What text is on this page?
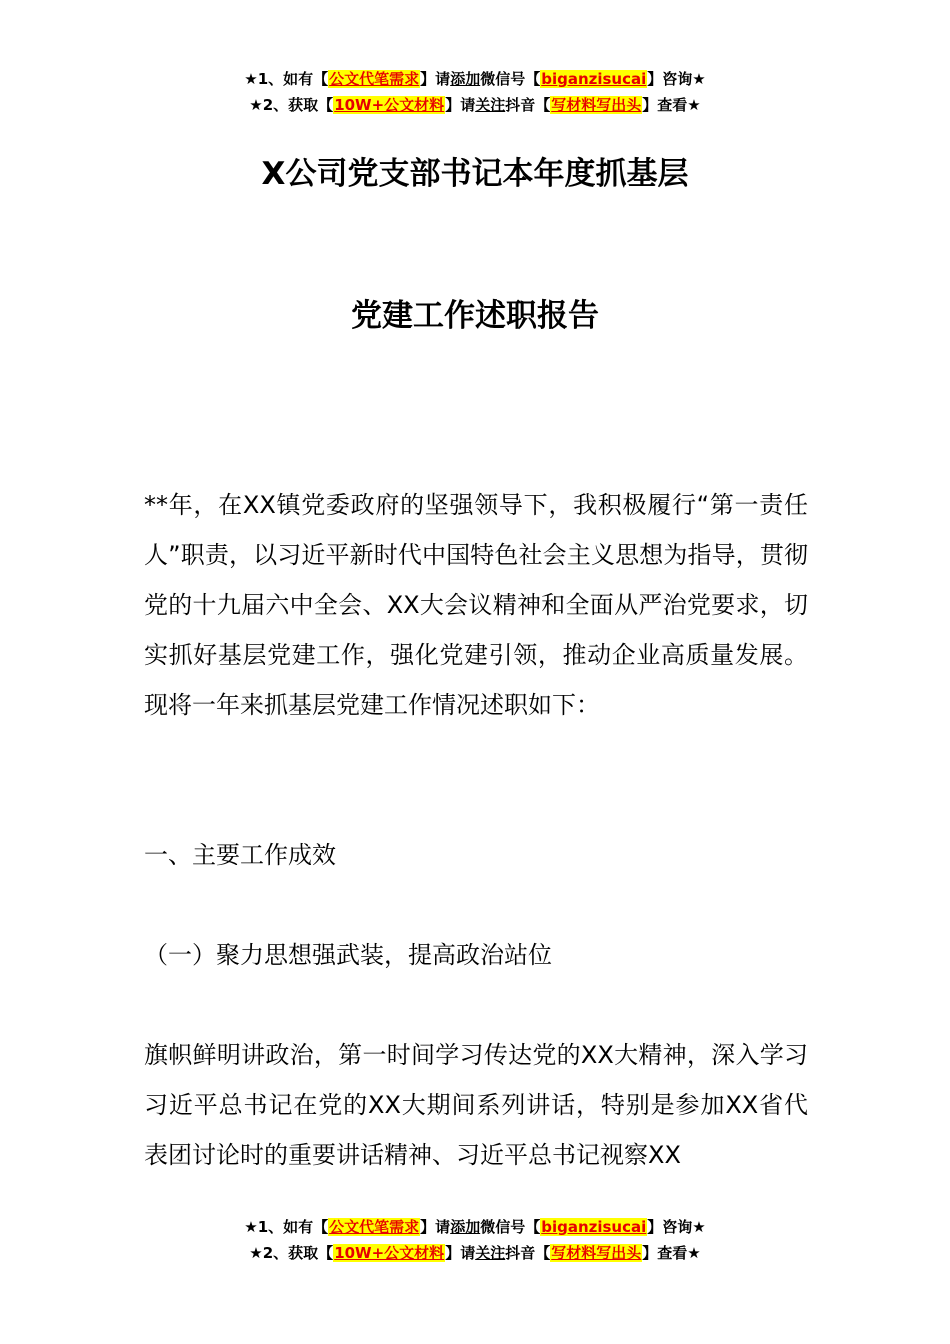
★1、如有【公文代笔需求】请添加微信号【biganzisucai】咨询★
★2、获取【10W+公文材料】请关注抖音【写材料写出头】查看★
X公司党支部书记本年度抓基层
党建工作述职报告
**年，在XX镇党委政府的坚强领导下，我积极履行“第一责任人”职责，以习近平新时代中国特色社会主义思想为指导，贯彻党的十九届六中全会、XX大会议精神和全面从严治党要求，切实抓好基层党建工作，强化党建引领，推动企业高质量发展。现将一年来抓基层党建工作情况述职如下：
一、主要工作成效
（一）聚力思想强武装，提高政治站位
旗帜鲜明讲政治，第一时间学习传达党的XX大精神，深入学习习近平总书记在党的XX大期间系列讲话，特别是参加XX省代表团讨论时的重要讲话精神、习近平总书记视察XX
★1、如有【公文代笔需求】请添加微信号【biganzisucai】咨询★
★2、获取【10W+公文材料】请关注抖音【写材料写出头】查看★
